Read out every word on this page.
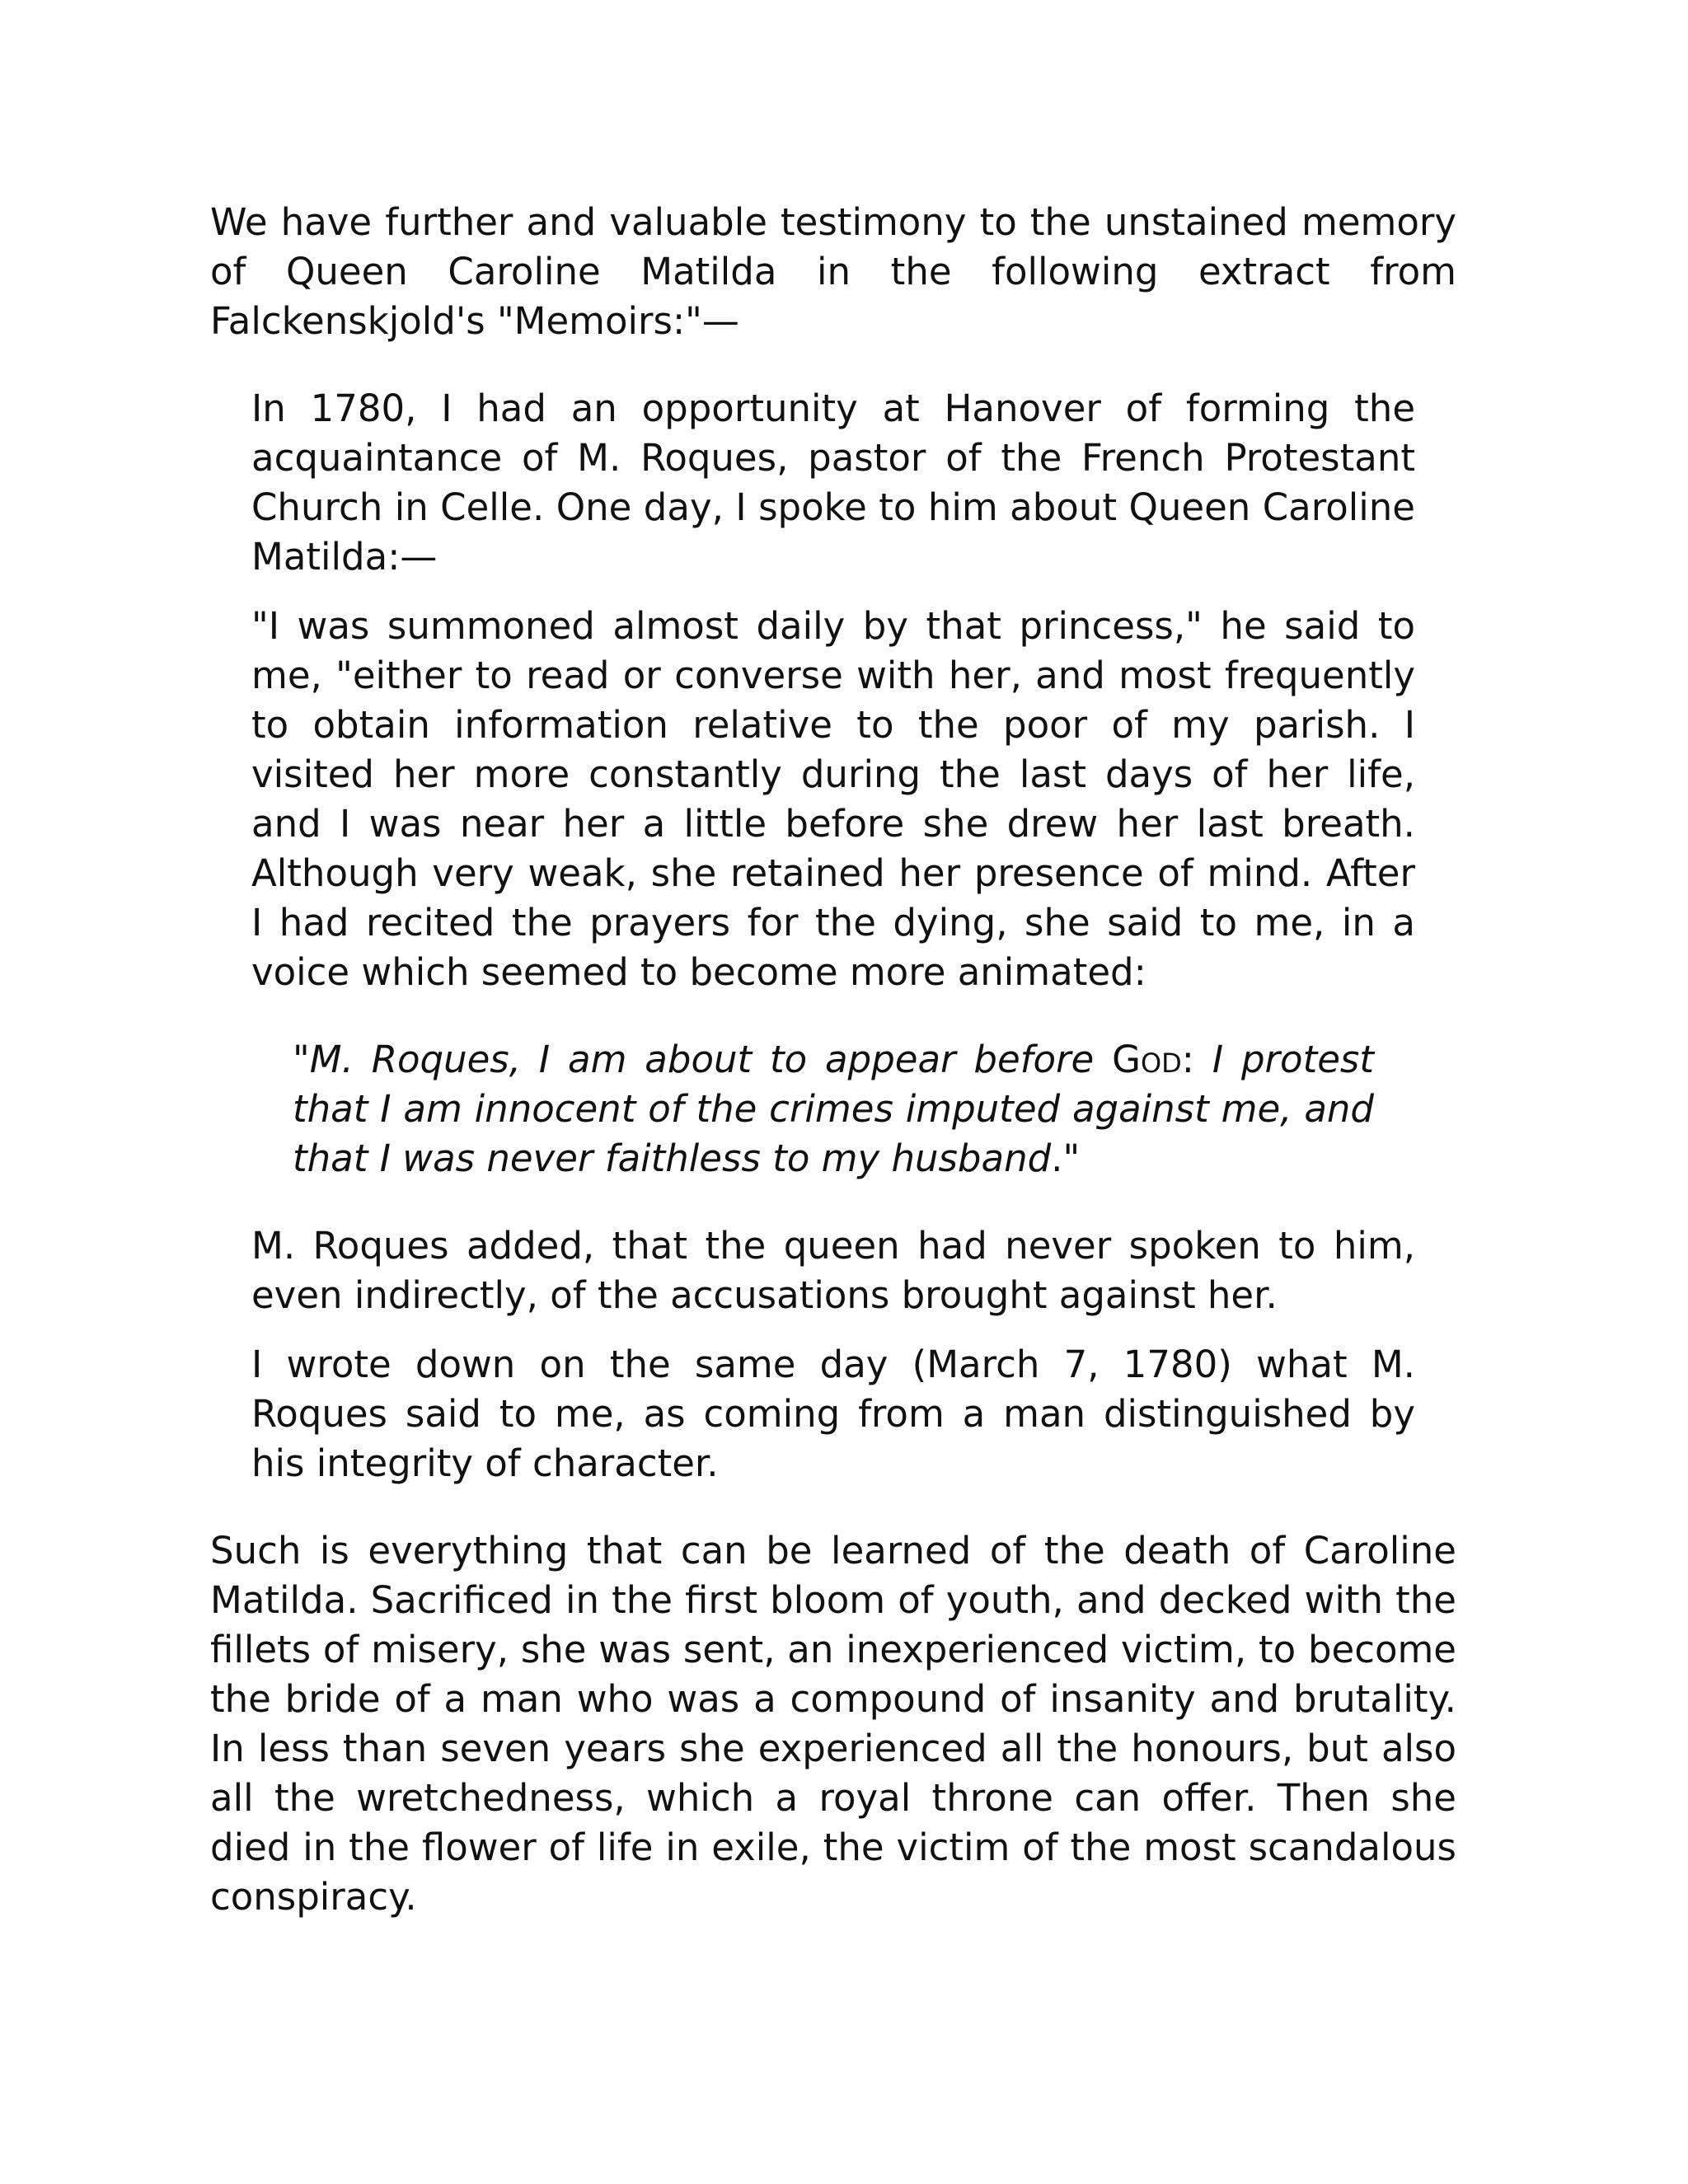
We have further and valuable testimony to the unstained memory of Queen Caroline Matilda in the following extract from Falckenskjold's "Memoirs:"—

In 1780, I had an opportunity at Hanover of forming the acquaintance of M. Roques, pastor of the French Protestant Church in Celle. One day, I spoke to him about Queen Caroline Matilda:—

"I was summoned almost daily by that princess," he said to me, "either to read or converse with her, and most frequently to obtain information relative to the poor of my parish. I visited her more constantly during the last days of her life, and I was near her a little before she drew her last breath. Although very weak, she retained her presence of mind. After I had recited the prayers for the dying, she said to me, in a voice which seemed to become more animated:

"M. Roques, I am about to appear before God: I protest that I am innocent of the crimes imputed against me, and that I was never faithless to my husband."

M. Roques added, that the queen had never spoken to him, even indirectly, of the accusations brought against her.

I wrote down on the same day (March 7, 1780) what M. Roques said to me, as coming from a man distinguished by his integrity of character.

Such is everything that can be learned of the death of Caroline Matilda. Sacrificed in the first bloom of youth, and decked with the fillets of misery, she was sent, an inexperienced victim, to become the bride of a man who was a compound of insanity and brutality. In less than seven years she experienced all the honours, but also all the wretchedness, which a royal throne can offer. Then she died in the flower of life in exile, the victim of the most scandalous conspiracy.
